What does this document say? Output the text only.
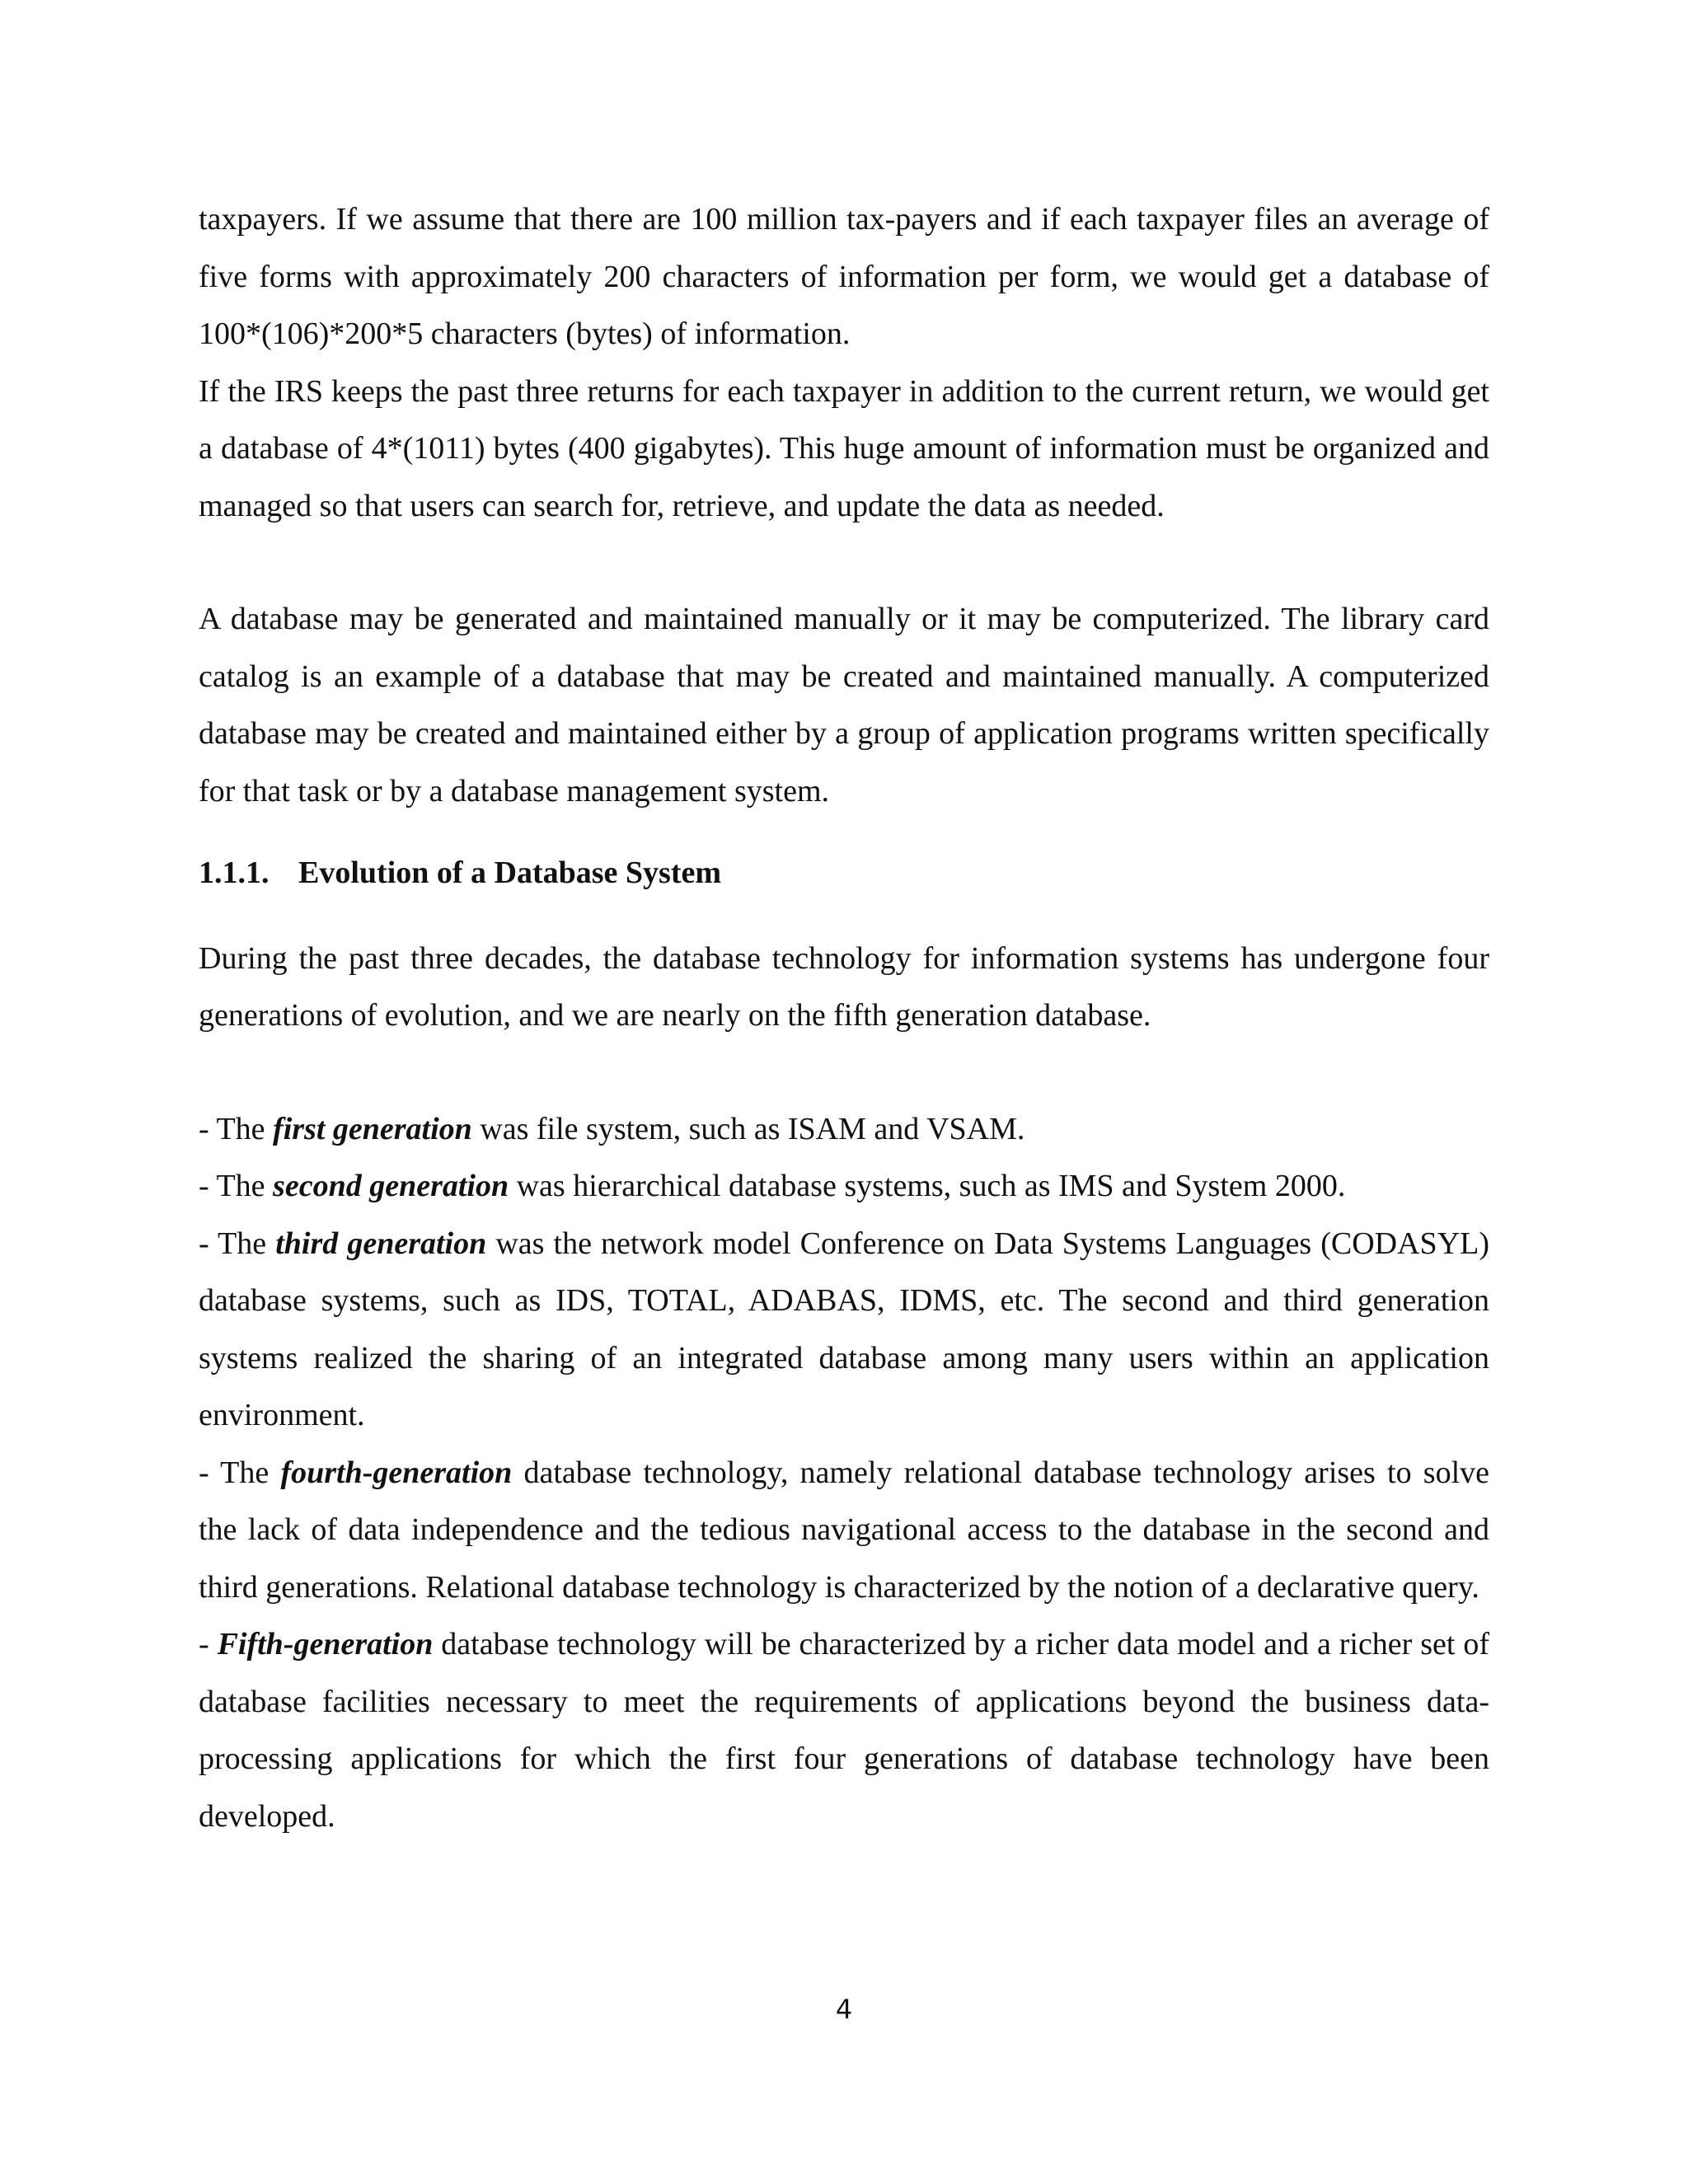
taxpayers. If we assume that there are 100 million tax-payers and if each taxpayer files an average of five forms with approximately 200 characters of information per form, we would get a database of 100*(106)*200*5 characters (bytes) of information.

If the IRS keeps the past three returns for each taxpayer in addition to the current return, we would get a database of 4*(1011) bytes (400 gigabytes). This huge amount of information must be organized and managed so that users can search for, retrieve, and update the data as needed.

A database may be generated and maintained manually or it may be computerized. The library card catalog is an example of a database that may be created and maintained manually. A computerized database may be created and maintained either by a group of application programs written specifically for that task or by a database management system.

1.1.1. Evolution of a Database System

During the past three decades, the database technology for information systems has undergone four generations of evolution, and we are nearly on the fifth generation database.

- The first generation was file system, such as ISAM and VSAM.

- The second generation was hierarchical database systems, such as IMS and System 2000.

- The third generation was the network model Conference on Data Systems Languages (CODASYL) database systems, such as IDS, TOTAL, ADABAS, IDMS, etc. The second and third generation systems realized the sharing of an integrated database among many users within an application environment.

- The fourth-generation database technology, namely relational database technology arises to solve the lack of data independence and the tedious navigational access to the database in the second and third generations. Relational database technology is characterized by the notion of a declarative query.

- Fifth-generation database technology will be characterized by a richer data model and a richer set of database facilities necessary to meet the requirements of applications beyond the business data-processing applications for which the first four generations of database technology have been developed.

4
